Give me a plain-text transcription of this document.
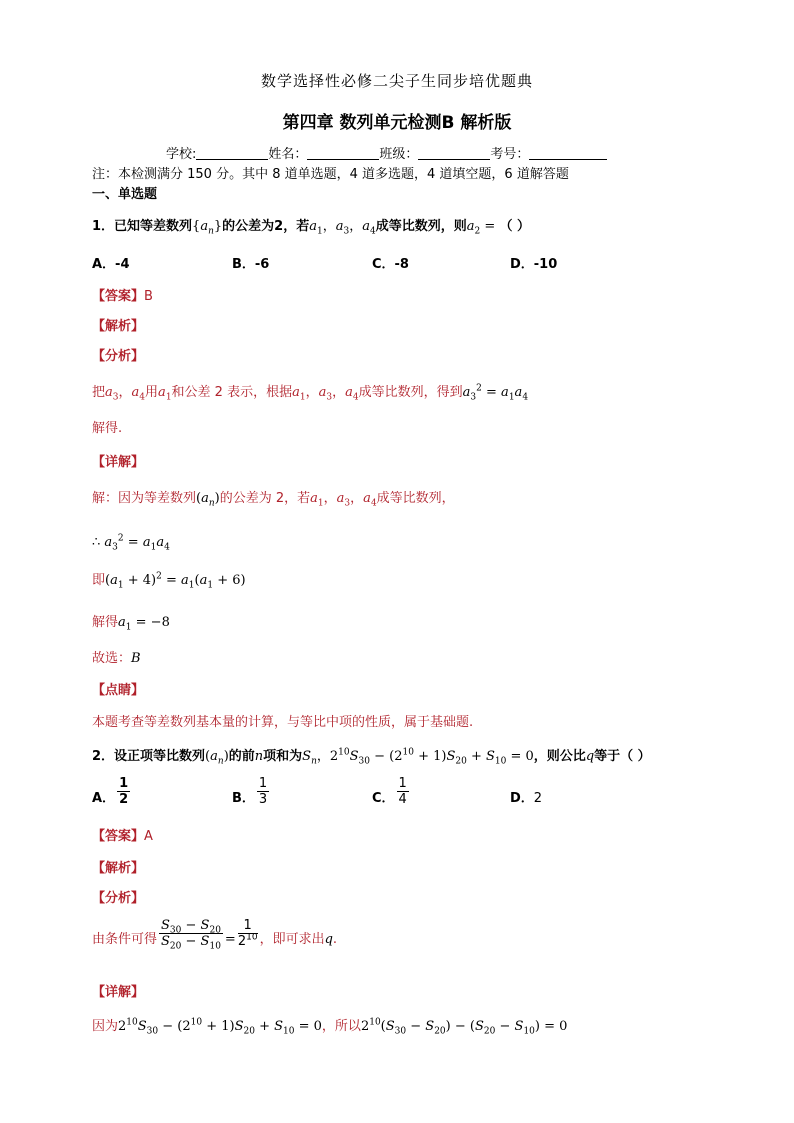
数学选择性必修二尖子生同步培优题典
第四章 数列单元检测B 解析版
学校:	姓名：	班级：	考号：
注：本检测满分 150 分。其中 8 道单选题，4 道多选题，4 道填空题，6 道解答题
一、单选题
1．已知等差数列$\{a_n\}$的公差为2，若$a_1$，$a_3$，$a_4$成等比数列，则$a_2$ = （ ）
A．-4	B．-6	C．-8	D．-10
【答案】B
【解析】
【分析】
把$a_3$，$a_4$用$a_1$和公差 2 表示，根据$a_1$，$a_3$，$a_4$成等比数列，得到$a_3^2 = a_1a_4$
解得.
【详解】
解：因为等差数列$(a_n)$的公差为 2，若$a_1$，$a_3$，$a_4$成等比数列，
∴ $a_3^2 = a_1a_4$
即$(a_1 + 4)^2 = a_1(a_1 + 6)$
解得$a_1 = -8$
故选：B
【点睛】
本题考查等差数列基本量的计算，与等比中项的性质，属于基础题.
2．设正项等比数列$(a_n)$的前n项和为$S_n$，$2^{10}S_{30} - (2^{10} + 1)S_{20} + S_{10} = 0$，则公比q等于（ ）
A． $\frac{1}{2}$	B． $\frac{1}{3}$	C． $\frac{1}{4}$	D．2
【答案】A
【解析】
【分析】
由条件可得 $\frac{S_{30} - S_{20}}{S_{20} - S_{10}} = \frac{1}{2^{10}}$ ，即可求出q.
【详解】
因为$2^{10}S_{30} - (2^{10} + 1)S_{20} + S_{10} = 0$，所以$2^{10}(S_{30} - S_{20}) - (S_{20} - S_{10}) = 0$
